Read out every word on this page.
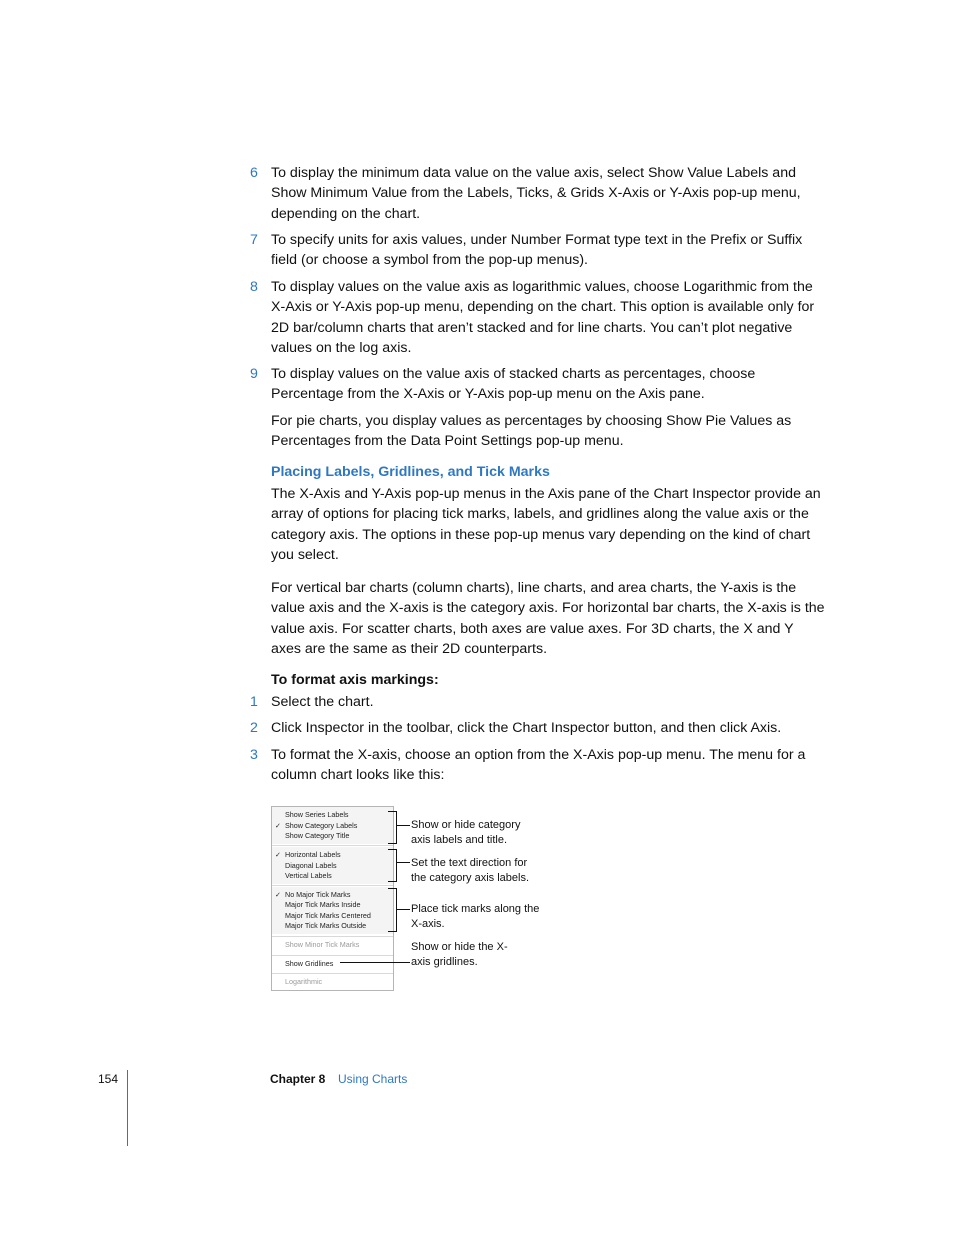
6 To display the minimum data value on the value axis, select Show Value Labels and Show Minimum Value from the Labels, Ticks, & Grids X-Axis or Y-Axis pop-up menu, depending on the chart.
7 To specify units for axis values, under Number Format type text in the Prefix or Suffix field (or choose a symbol from the pop-up menus).
8 To display values on the value axis as logarithmic values, choose Logarithmic from the X-Axis or Y-Axis pop-up menu, depending on the chart. This option is available only for 2D bar/column charts that aren’t stacked and for line charts. You can’t plot negative values on the log axis.
9 To display values on the value axis of stacked charts as percentages, choose Percentage from the X-Axis or Y-Axis pop-up menu on the Axis pane.
For pie charts, you display values as percentages by choosing Show Pie Values as Percentages from the Data Point Settings pop-up menu.
Placing Labels, Gridlines, and Tick Marks
The X-Axis and Y-Axis pop-up menus in the Axis pane of the Chart Inspector provide an array of options for placing tick marks, labels, and gridlines along the value axis or the category axis. The options in these pop-up menus vary depending on the kind of chart you select.
For vertical bar charts (column charts), line charts, and area charts, the Y-axis is the value axis and the X-axis is the category axis. For horizontal bar charts, the X-axis is the value axis. For scatter charts, both axes are value axes. For 3D charts, the X and Y axes are the same as their 2D counterparts.
To format axis markings:
1 Select the chart.
2 Click Inspector in the toolbar, click the Chart Inspector button, and then click Axis.
3 To format the X-axis, choose an option from the X-Axis pop-up menu. The menu for a column chart looks like this:
Show Series Labels
✓ Show Category Labels
Show Category Title
✓ Horizontal Labels
Diagonal Labels
Vertical Labels
✓ No Major Tick Marks
Major Tick Marks Inside
Major Tick Marks Centered
Major Tick Marks Outside
Show Minor Tick Marks
Show Gridlines
Logarithmic
Show or hide category axis labels and title.
Set the text direction for the category axis labels.
Place tick marks along the X-axis.
Show or hide the X-axis gridlines.
154	Chapter 8 Using Charts
